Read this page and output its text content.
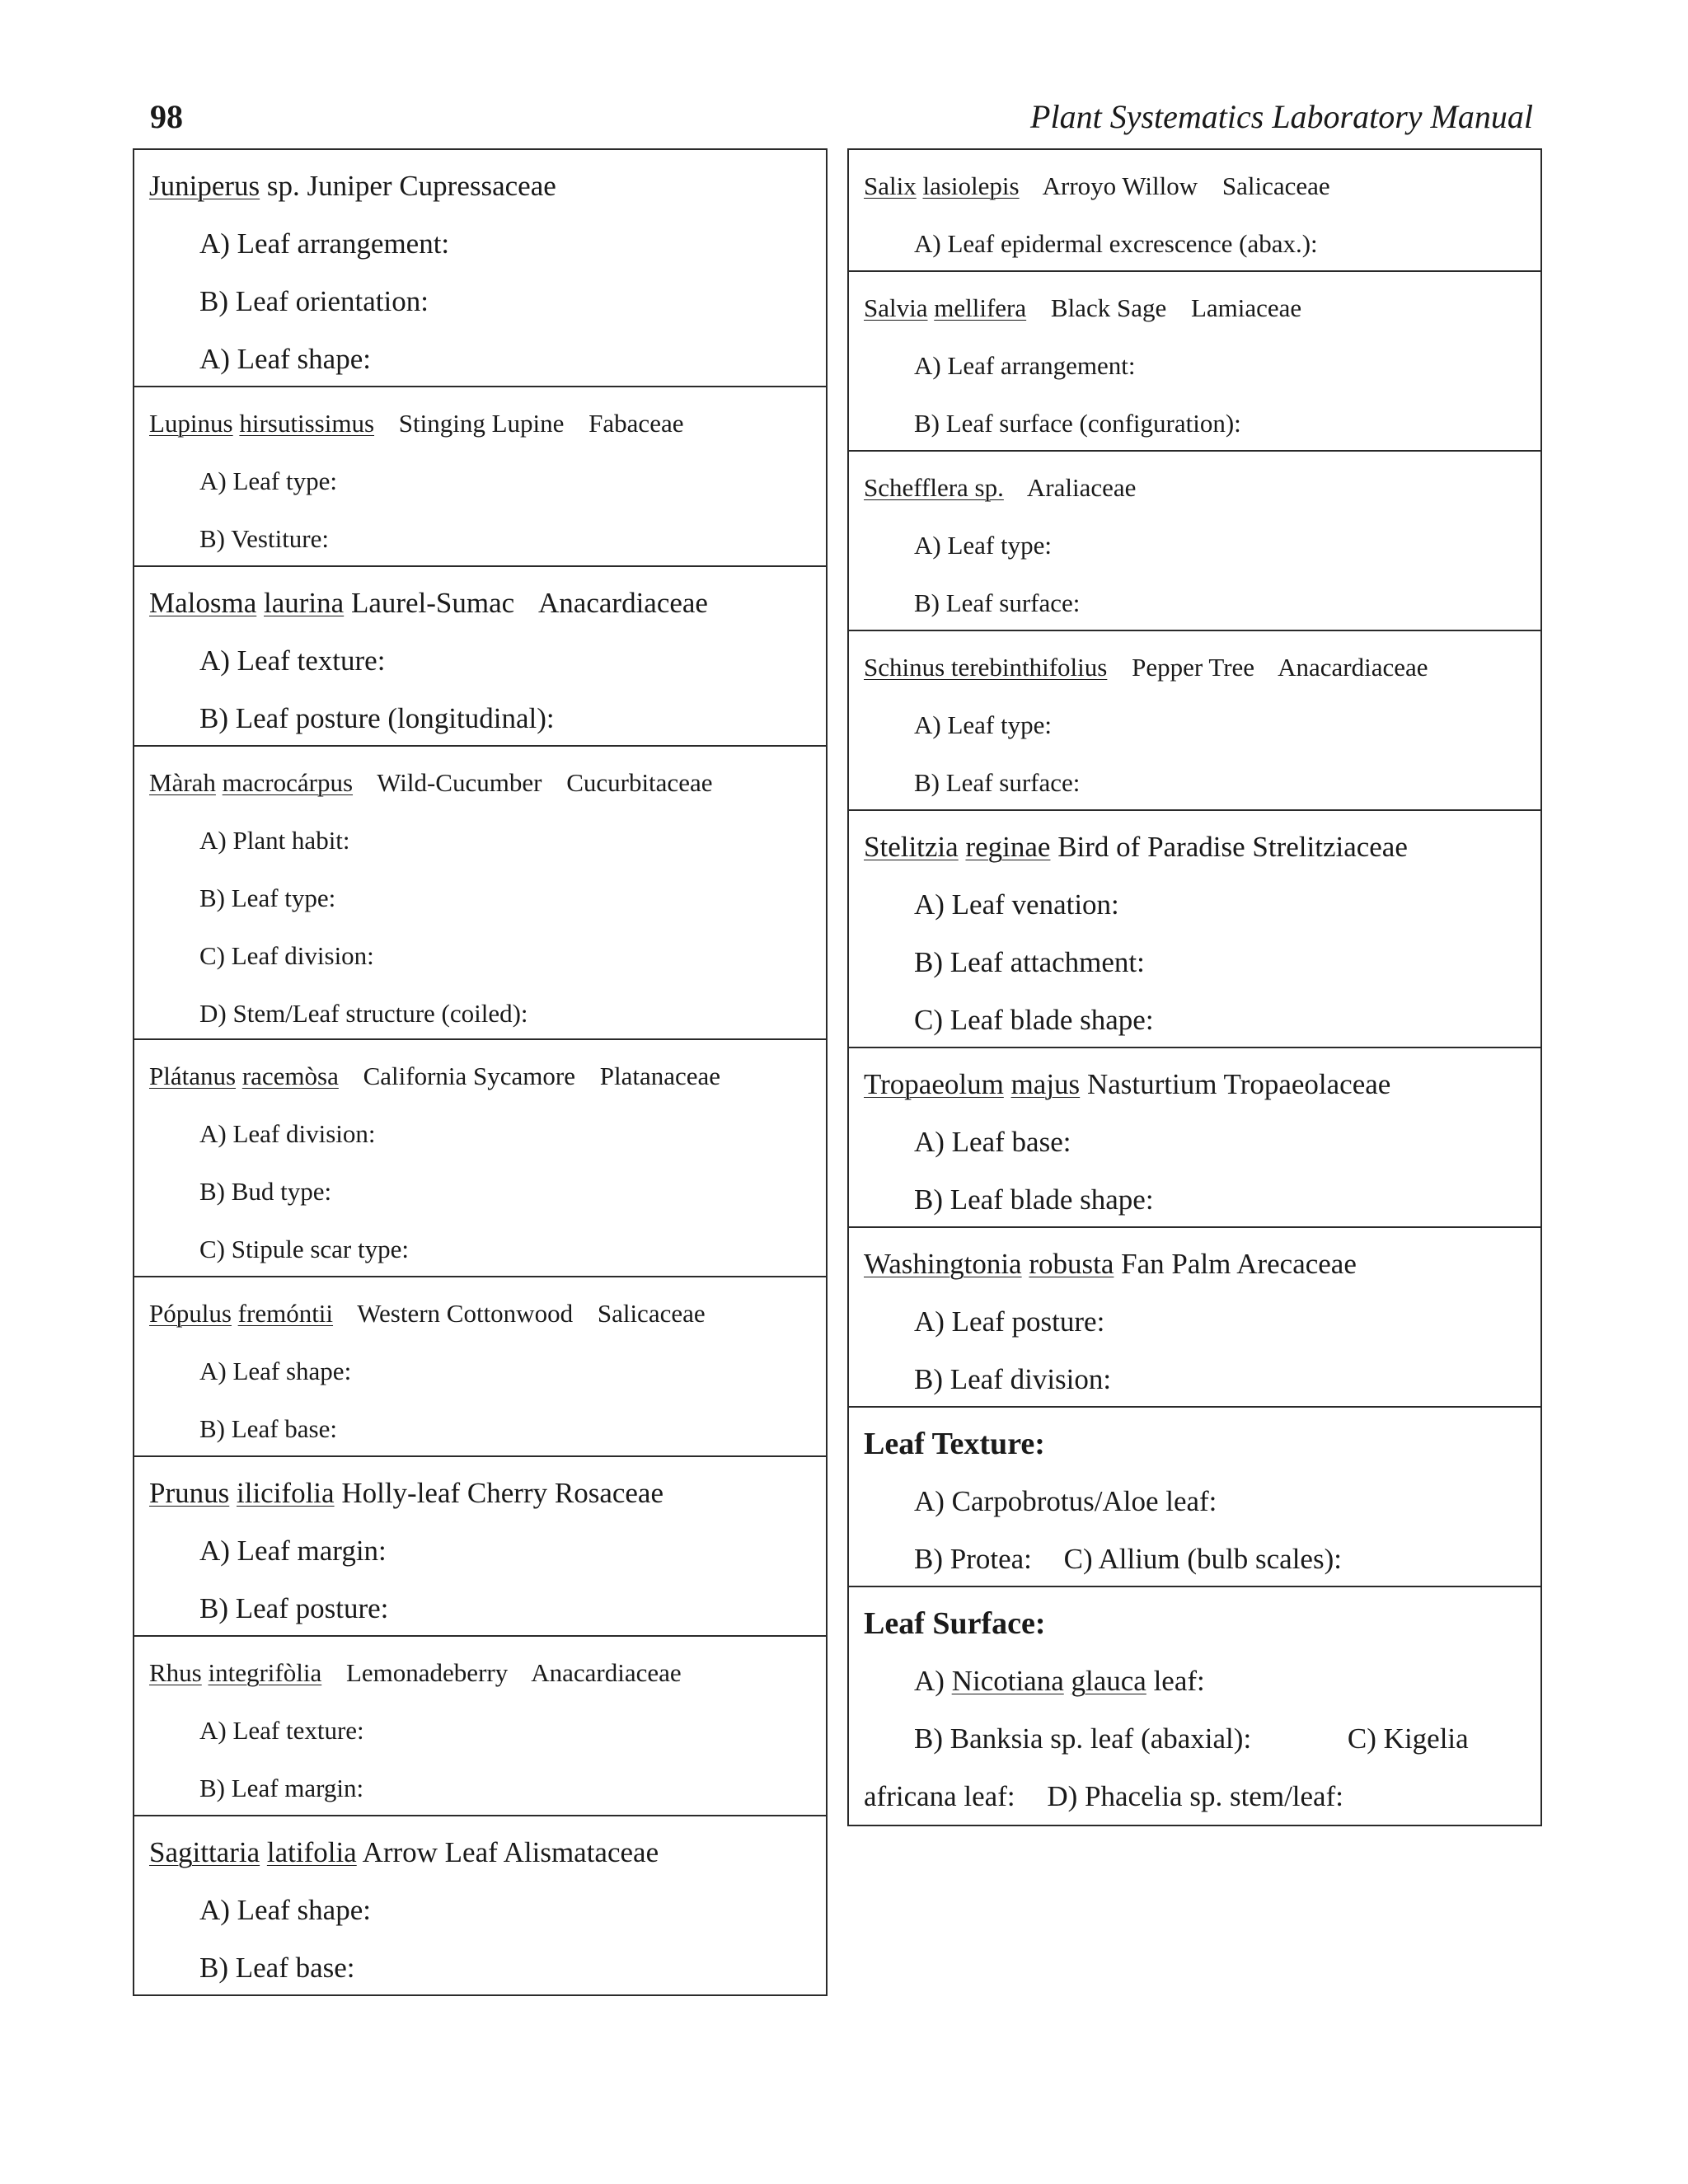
98	Plant Systematics Laboratory Manual
Juniperus sp. Juniper Cupressaceae
A) Leaf arrangement:
B) Leaf orientation:
A) Leaf shape:
Lupinus hirsutissimus Stinging Lupine Fabaceae
A) Leaf type:
B) Vestiture:
Malosma laurina Laurel-Sumac Anacardiaceae
A) Leaf texture:
B) Leaf posture (longitudinal):
Màrah macrocárpus Wild-Cucumber Cucurbitaceae
A) Plant habit:
B) Leaf type:
C) Leaf division:
D) Stem/Leaf structure (coiled):
Plátanus racemòsa California Sycamore Platanaceae
A) Leaf division:
B) Bud type:
C) Stipule scar type:
Pópulus fremóntii Western Cottonwood Salicaceae
A) Leaf shape:
B) Leaf base:
Prunus ilicifolia Holly-leaf Cherry Rosaceae
A) Leaf margin:
B) Leaf posture:
Rhus integrifòlia Lemonadeberry Anacardiaceae
A) Leaf texture:
B) Leaf margin:
Sagittaria latifolia Arrow Leaf Alismataceae
A) Leaf shape:
B) Leaf base:
Salix lasiolepis Arroyo Willow Salicaceae
A) Leaf epidermal excrescence (abax.):
Salvia mellifera Black Sage Lamiaceae
A) Leaf arrangement:
B) Leaf surface (configuration):
Schefflera sp. Araliaceae
A) Leaf type:
B) Leaf surface:
Schinus terebinthifolius Pepper Tree Anacardiaceae
A) Leaf type:
B) Leaf surface:
Stelitzia reginae Bird of Paradise Strelitziaceae
A) Leaf venation:
B) Leaf attachment:
C) Leaf blade shape:
Tropaeolum majus Nasturtium Tropaeolaceae
A) Leaf base:
B) Leaf blade shape:
Washingtonia robusta Fan Palm Arecaceae
A) Leaf posture:
B) Leaf division:
Leaf Texture:
A) Carpobrotus/Aloe leaf:
B) Protea: C) Allium (bulb scales):
Leaf Surface:
A) Nicotiana glauca leaf:
B) Banksia sp. leaf (abaxial):	C) Kigelia
africana leaf: D) Phacelia sp. stem/leaf:
